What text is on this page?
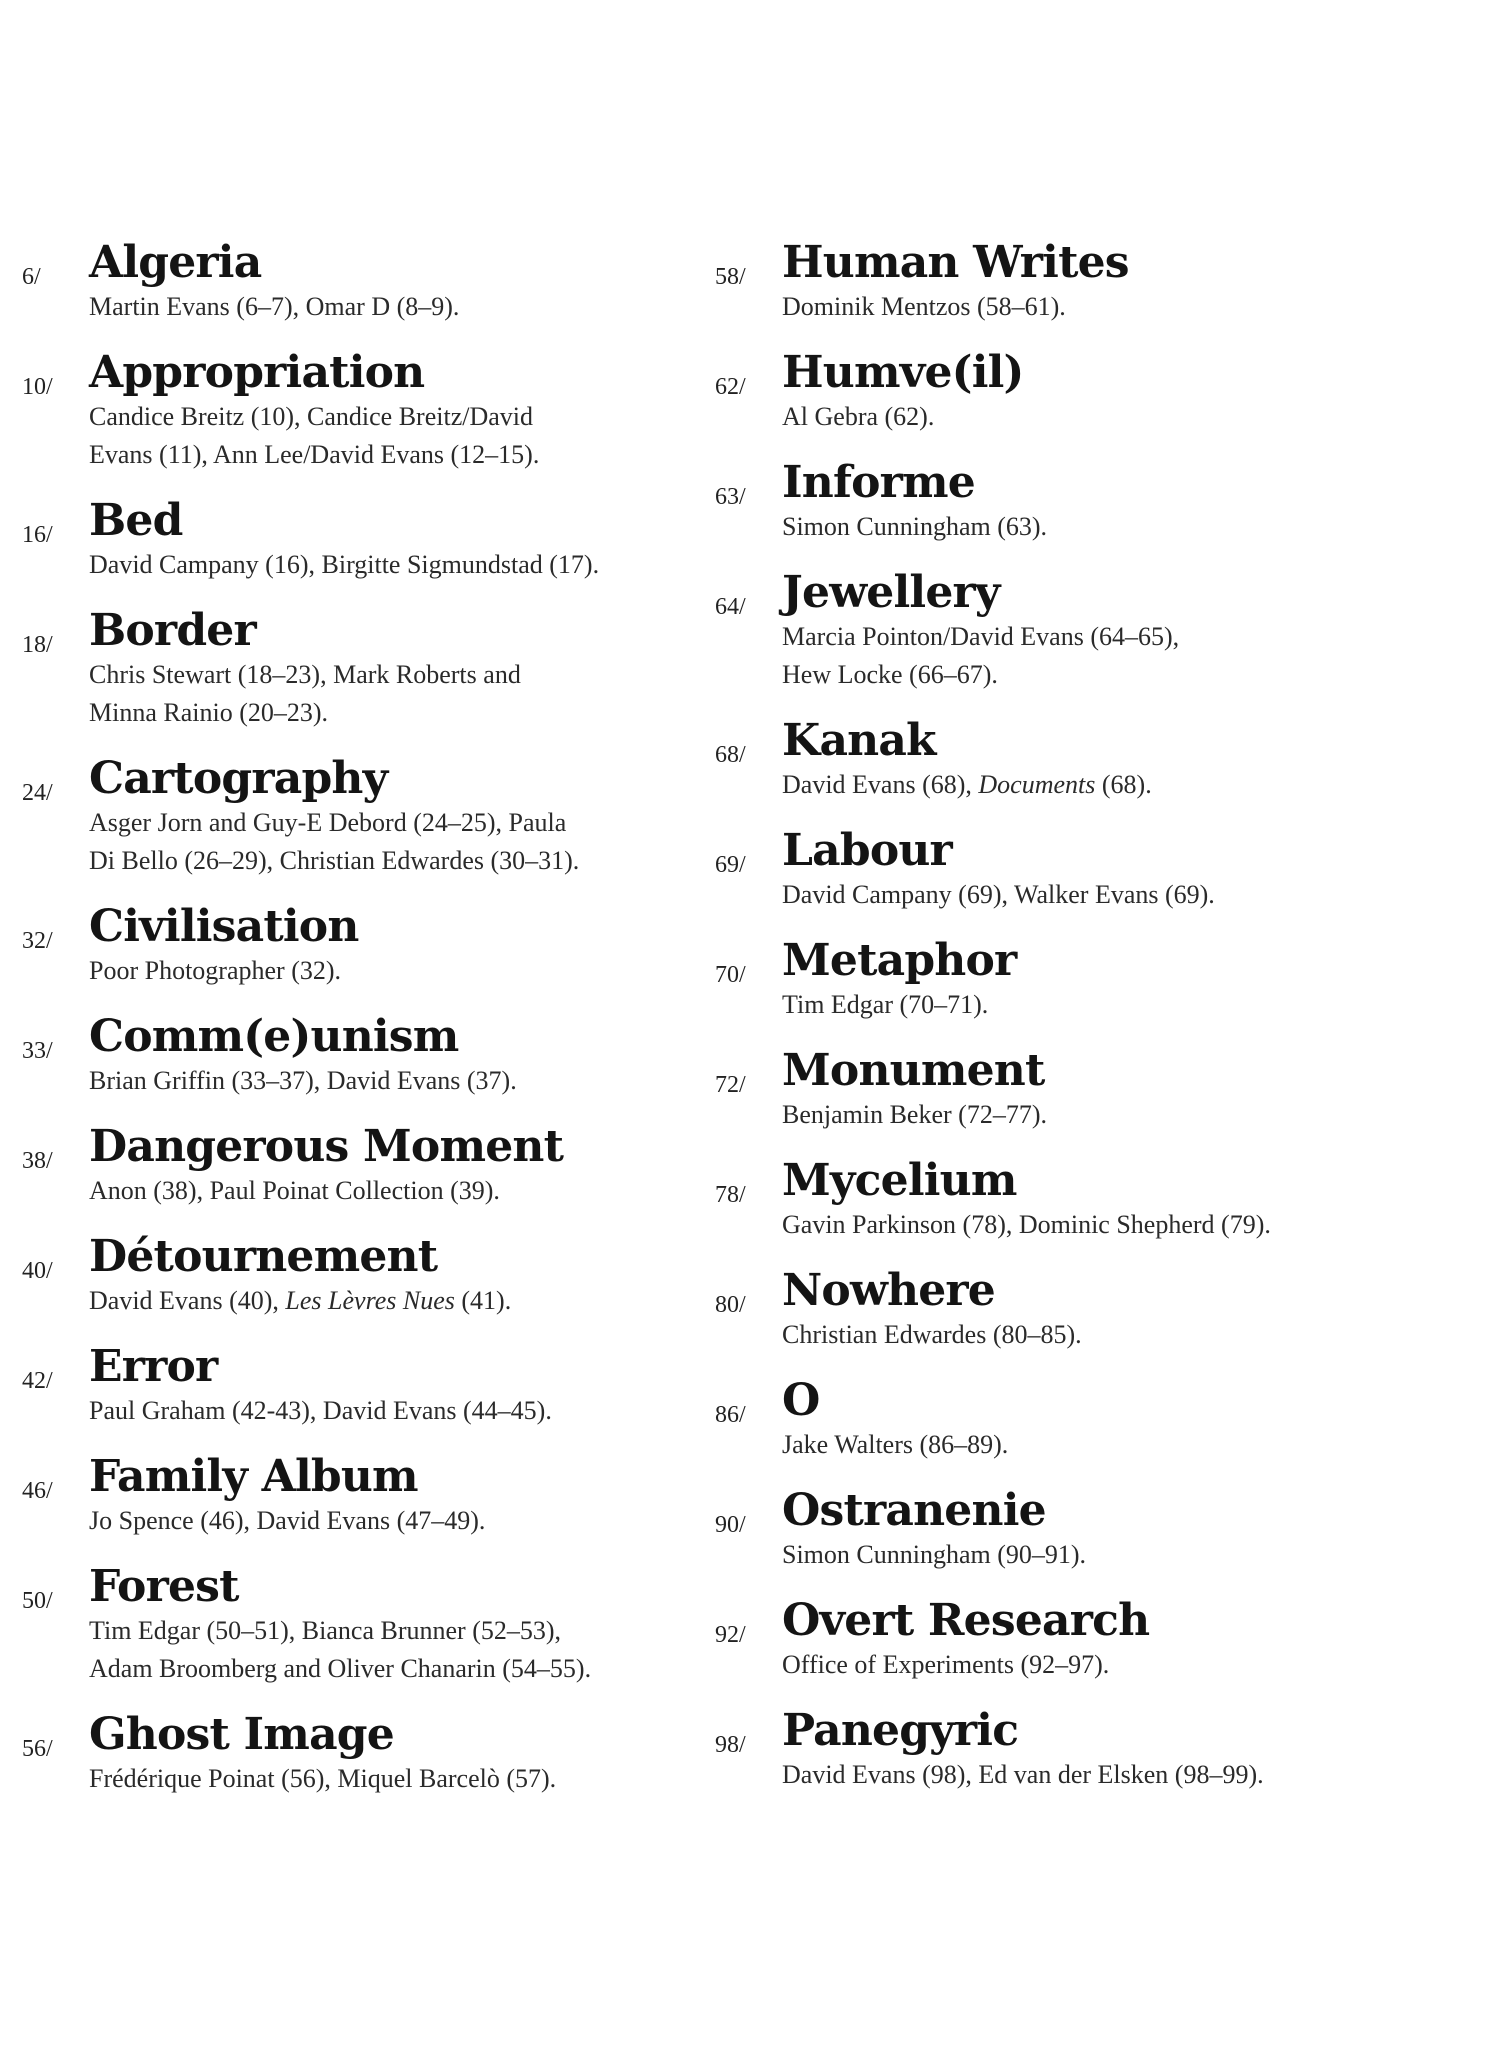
6/	Algeria
Martin Evans (6–7), Omar D (8–9).
10/ Appropriation
Candice Breitz (10), Candice Breitz/David
Evans (11), Ann Lee/David Evans (12–15).
16/ Bed
David Campany (16), Birgitte Sigmundstad (17).
18/ Border
Chris Stewart (18–23), Mark Roberts and
Minna Rainio (20–23).
24/ Cartography
Asger Jorn and Guy-E Debord (24–25), Paula
Di Bello (26–29), Christian Edwardes (30–31).
32/ Civilisation
Poor Photographer (32).
33/ Comm(e)unism
Brian Griffin (33–37), David Evans (37).
38/ Dangerous Moment
Anon (38), Paul Poinat Collection (39).
40/ Détournement
David Evans (40), Les Lèvres Nues (41).
42/ Error
Paul Graham (42-43), David Evans (44–45).
46/ Family Album
Jo Spence (46), David Evans (47–49).
50/ Forest
Tim Edgar (50–51), Bianca Brunner (52–53),
Adam Broomberg and Oliver Chanarin (54–55).
56/ Ghost Image
Frédérique Poinat (56), Miquel Barcelò (57).
58/ Human Writes
Dominik Mentzos (58–61).
62/ Humve(il)
Al Gebra (62).
63/ Informe
Simon Cunningham (63).
64/ Jewellery
Marcia Pointon/David Evans (64–65),
Hew Locke (66–67).
68/ Kanak
David Evans (68), Documents (68).
69/ Labour
David Campany (69), Walker Evans (69).
70/ Metaphor
Tim Edgar (70–71).
72/ Monument
Benjamin Beker (72–77).
78/ Mycelium
Gavin Parkinson (78), Dominic Shepherd (79).
80/ Nowhere
Christian Edwardes (80–85).
86/ O
Jake Walters (86–89).
90/ Ostranenie
Simon Cunningham (90–91).
92/ Overt Research
Office of Experiments (92–97).
98/ Panegyric
David Evans (98), Ed van der Elsken (98–99).
